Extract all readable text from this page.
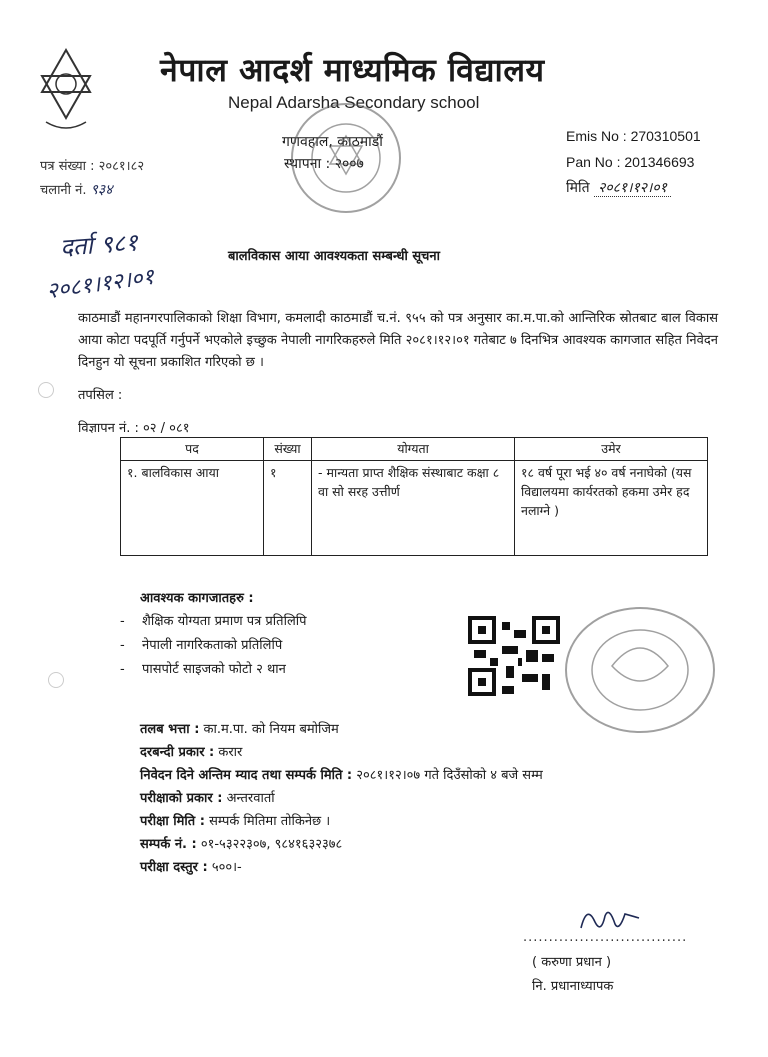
नेपाल आदर्श माध्यमिक विद्यालय
Nepal Adarsha Secondary school
गणवहाल, काठमाडौं
स्थापना : २००७
Emis No : 270310501
Pan No : 201346693
मिति २०८१।१२।०१
पत्र संख्या : २०८१।८२
चलानी नं. ९३४
दर्ता ९८१
२०८१।१२।०१
बालविकास आया आवश्यकता सम्बन्धी सूचना
काठमाडौं महानगरपालिकाको शिक्षा विभाग, कमलादी काठमाडौं च.नं. ९५५ को पत्र अनुसार का.म.पा.को आन्तिरिक स्रोतबाट बाल विकास आया कोटा पदपूर्ति गर्नुपर्ने भएकोले इच्छुक नेपाली नागरिकहरुले मिति २०८१।१२।०१ गतेबाट ७ दिनभित्र आवश्यक कागजात सहित निवेदन दिनहुन यो सूचना प्रकाशित गरिएको छ ।
तपसिल :
विज्ञापन नं. : ०२ / ०८१
पद	संख्या	योग्यता	उमेर
१. बालविकास आया	१	- मान्यता प्राप्त शैक्षिक संस्थाबाट कक्षा ८ वा सो सरह उत्तीर्ण	१८ वर्ष पूरा भई ४० वर्ष ननाघेको (यस विद्यालयमा कार्यरतको हकमा उमेर हद नलाग्ने )
आवश्यक कागजातहरु :
- शैक्षिक योग्यता प्रमाण पत्र प्रतिलिपि
- नेपाली नागरिकताको प्रतिलिपि
- पासपोर्ट साइजको फोटो २ थान
तलब भत्ता : का.म.पा. को नियम बमोजिम
दरबन्दी प्रकार : करार
निवेदन दिने अन्तिम म्याद तथा सम्पर्क मिति : २०८१।१२।०७ गते दिउँसोको ४ बजे सम्म
परीक्षाको प्रकार : अन्तरवार्ता
परीक्षा मिति : सम्पर्क मितिमा तोकिनेछ ।
सम्पर्क नं. : ०१-५३२२३०७, ९८४१६३२३७८
परीक्षा दस्तुर : ५००।-
................................
( करुणा प्रधान )
नि. प्रधानाध्यापक
